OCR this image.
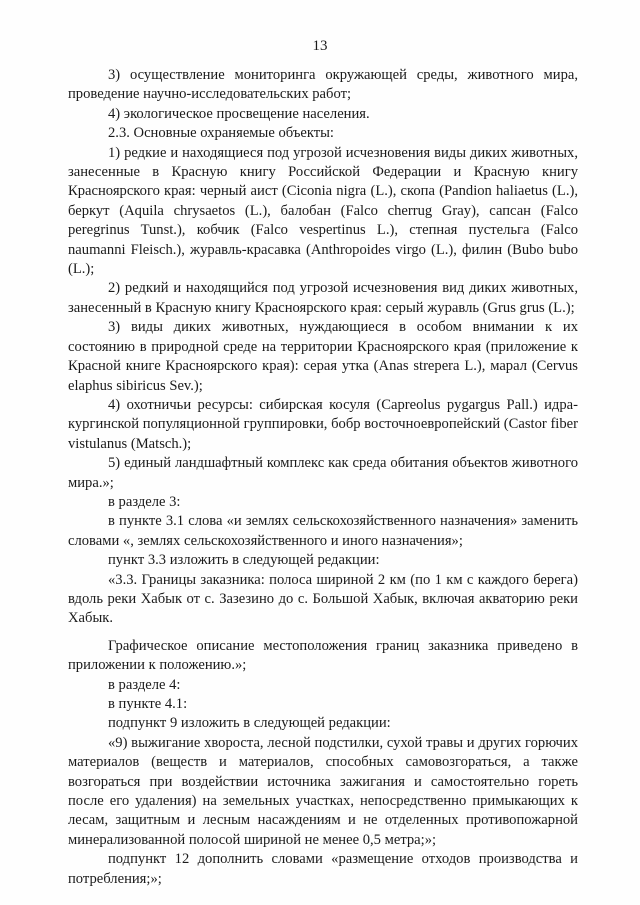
13

3) осуществление мониторинга окружающей среды, животного мира, проведение научно-исследовательских работ;

4) экологическое просвещение населения.

2.3. Основные охраняемые объекты:

1) редкие и находящиеся под угрозой исчезновения виды диких животных, занесенные в Красную книгу Российской Федерации и Красную книгу Красноярского края: черный аист (Ciconia nigra (L.), скопа (Pandion haliaetus (L.), беркут (Aquila chrysaetos (L.), балобан (Falco cherrug Gray), сапсан (Falco peregrinus Tunst.), кобчик (Falco vespertinus L.), степная пустельга (Falco naumanni Fleisch.), журавль-красавка (Anthropoides virgo (L.), филин (Bubo bubo (L.);

2) редкий и находящийся под угрозой исчезновения вид диких животных, занесенный в Красную книгу Красноярского края: серый журавль (Grus grus (L.);

3) виды диких животных, нуждающиеся в особом внимании к их состоянию в природной среде на территории Красноярского края (приложение к Красной книге Красноярского края): серая утка (Anas strepera L.), марал (Cervus elaphus sibiricus Sev.);

4) охотничьи ресурсы: сибирская косуля (Capreolus pygargus Pall.) идра-кургинской популяционной группировки, бобр восточноевропейский (Castor fiber vistulanus (Matsch.);

5) единый ландшафтный комплекс как среда обитания объектов животного мира.»;

в разделе 3:

в пункте 3.1 слова «и землях сельскохозяйственного назначения» заменить словами «, землях сельскохозяйственного и иного назначения»;

пункт 3.3 изложить в следующей редакции:

«3.3. Границы заказника: полоса шириной 2 км (по 1 км с каждого берега) вдоль реки Хабык от с. Зазезино до с. Большой Хабык, включая акваторию реки Хабык.

Графическое описание местоположения границ заказника приведено в приложении к положению.»;

в разделе 4:

в пункте 4.1:

подпункт 9 изложить в следующей редакции:

«9) выжигание хвороста, лесной подстилки, сухой травы и других горючих материалов (веществ и материалов, способных самовозгораться, а также возгораться при воздействии источника зажигания и самостоятельно гореть после его удаления) на земельных участках, непосредственно примыкающих к лесам, защитным и лесным насаждениям и не отделенных противопожарной минерализованной полосой шириной не менее 0,5 метра;»;

подпункт 12 дополнить словами «размещение отходов производства и потребления;»;
